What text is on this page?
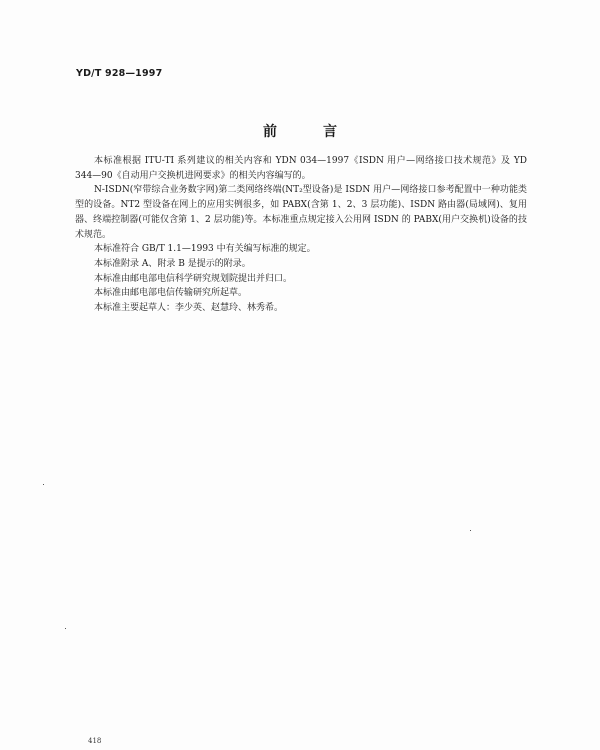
YD/T 928—1997
前言

本标准根据 ITU-TI 系列建议的相关内容和 YDN 034—1997《ISDN 用户—网络接口技术规范》及 YD 344—90《自动用户交换机进网要求》的相关内容编写的。

N-ISDN(窄带综合业务数字网)第二类网络终端(NT₂型设备)是 ISDN 用户—网络接口参考配置中一种功能类型的设备。NT2 型设备在网上的应用实例很多，如 PABX(含第 1、2、3 层功能)、ISDN 路由器(局域网)、复用器、终端控制器(可能仅含第 1、2 层功能)等。本标准重点规定接入公用网 ISDN 的 PABX(用户交换机)设备的技术规范。

本标准符合 GB/T 1.1—1993 中有关编写标准的规定。

本标准附录 A、附录 B 是提示的附录。

本标准由邮电部电信科学研究规划院提出并归口。

本标准由邮电部电信传输研究所起草。

本标准主要起草人：李少英、赵慧玲、林秀希。

418
